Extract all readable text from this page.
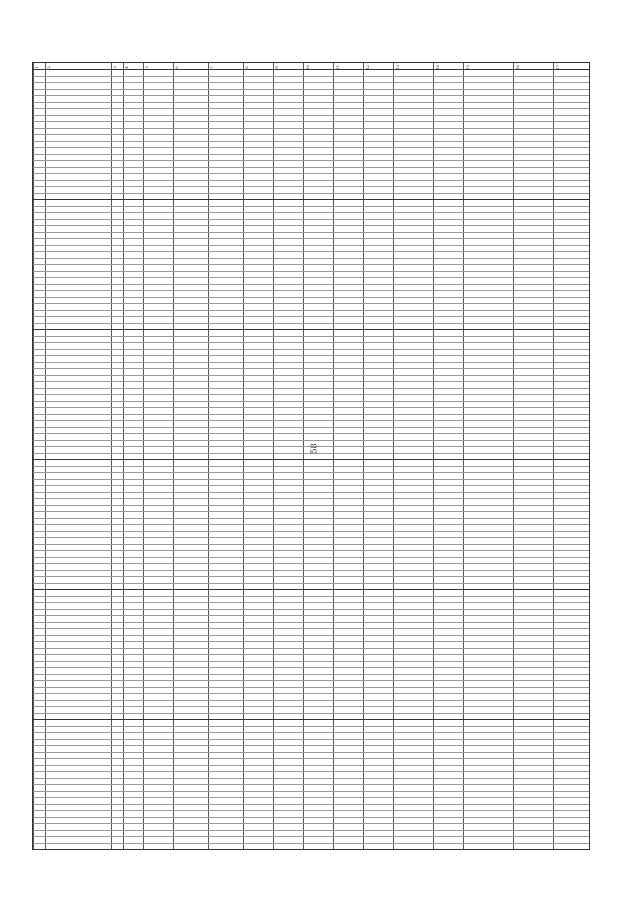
58
1 2	3 4	5	6	7	8	9	10	11	12	13	14	15	16	17
